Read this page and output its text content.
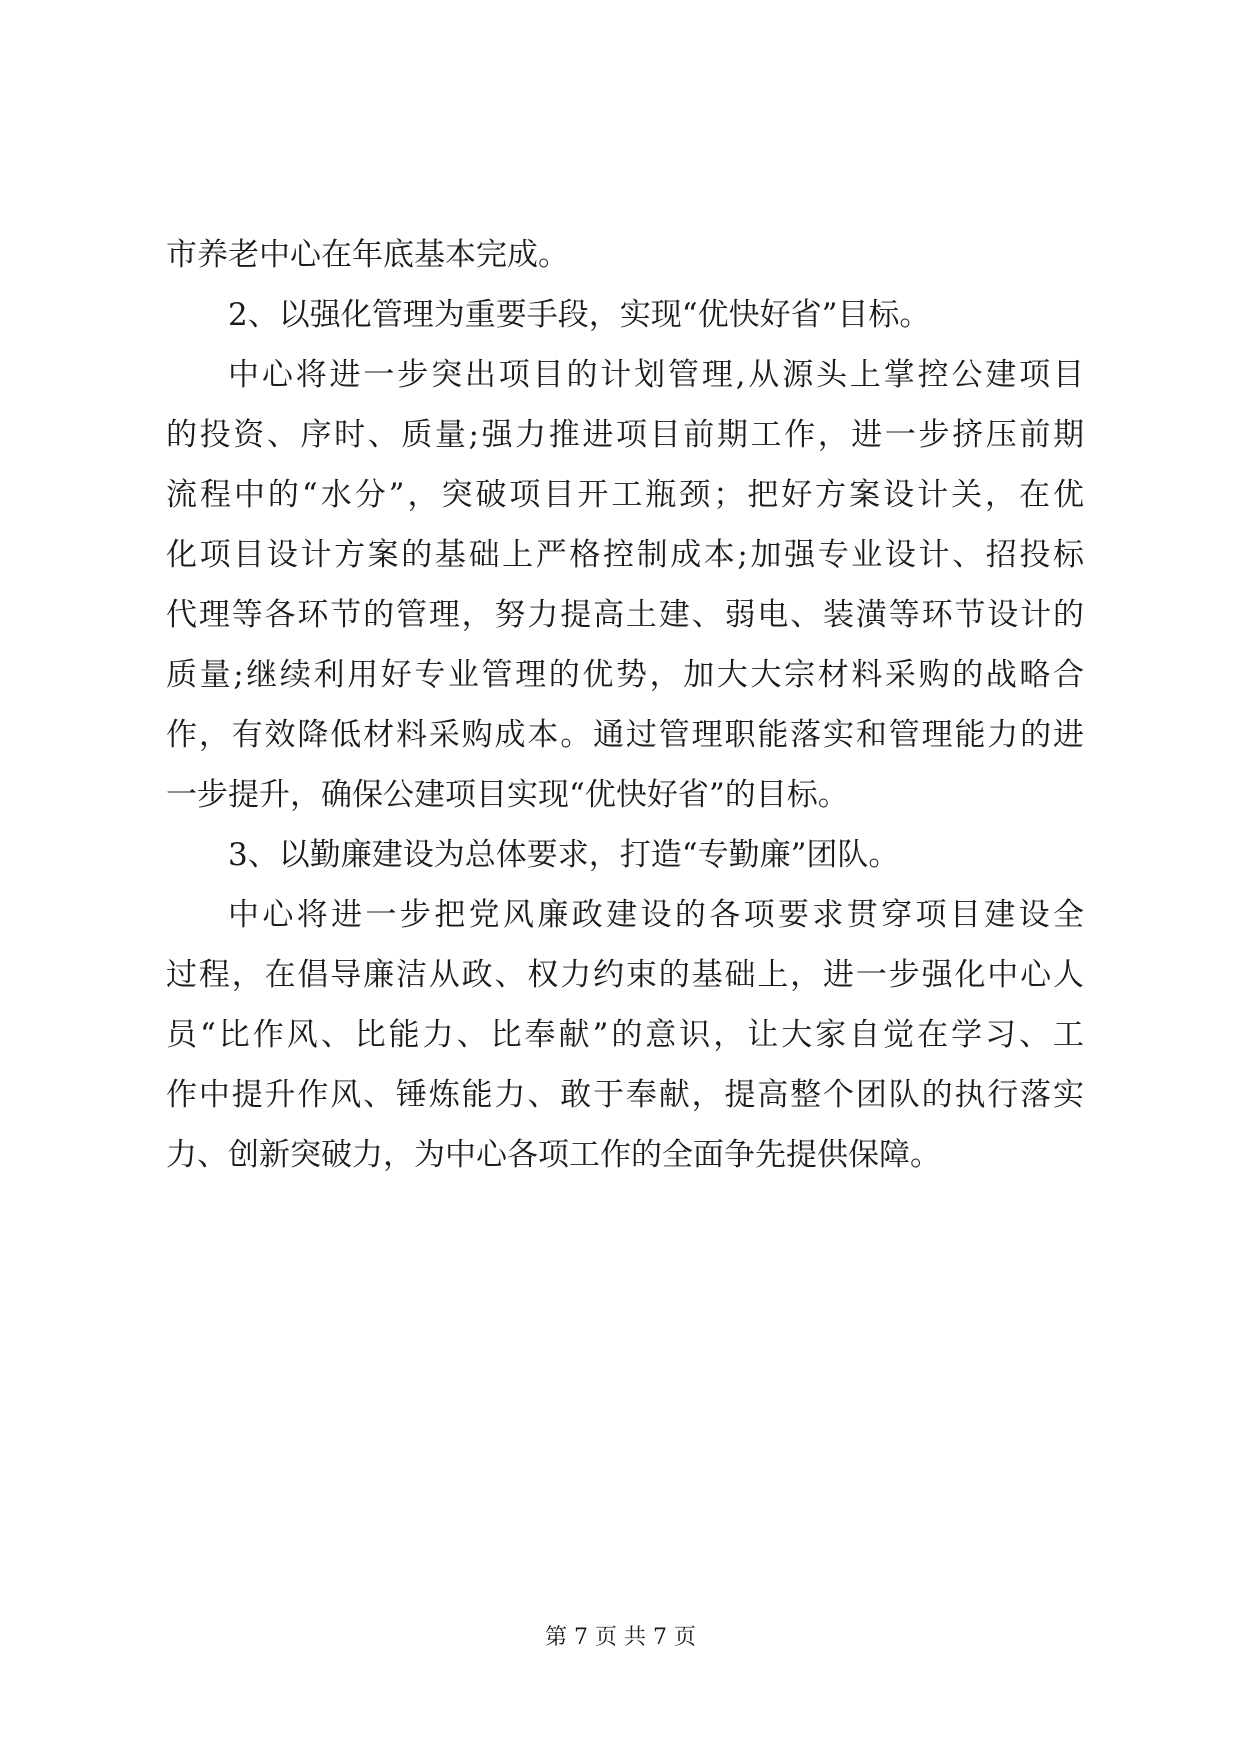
市养老中心在年底基本完成。
2、以强化管理为重要手段，实现“优快好省”目标。
中心将进一步突出项目的计划管理,从源头上掌控公建项目
的投资、序时、质量;强力推进项目前期工作，进一步挤压前期
流程中的“水分”，突破项目开工瓶颈；把好方案设计关，在优
化项目设计方案的基础上严格控制成本;加强专业设计、招投标
代理等各环节的管理，努力提高土建、弱电、装潢等环节设计的
质量;继续利用好专业管理的优势，加大大宗材料采购的战略合
作，有效降低材料采购成本。通过管理职能落实和管理能力的进
一步提升，确保公建项目实现“优快好省”的目标。
3、以勤廉建设为总体要求，打造“专勤廉”团队。
中心将进一步把党风廉政建设的各项要求贯穿项目建设全
过程，在倡导廉洁从政、权力约束的基础上，进一步强化中心人
员“比作风、比能力、比奉献”的意识，让大家自觉在学习、工
作中提升作风、锤炼能力、敢于奉献，提高整个团队的执行落实
力、创新突破力，为中心各项工作的全面争先提供保障。
第 7 页 共 7 页
